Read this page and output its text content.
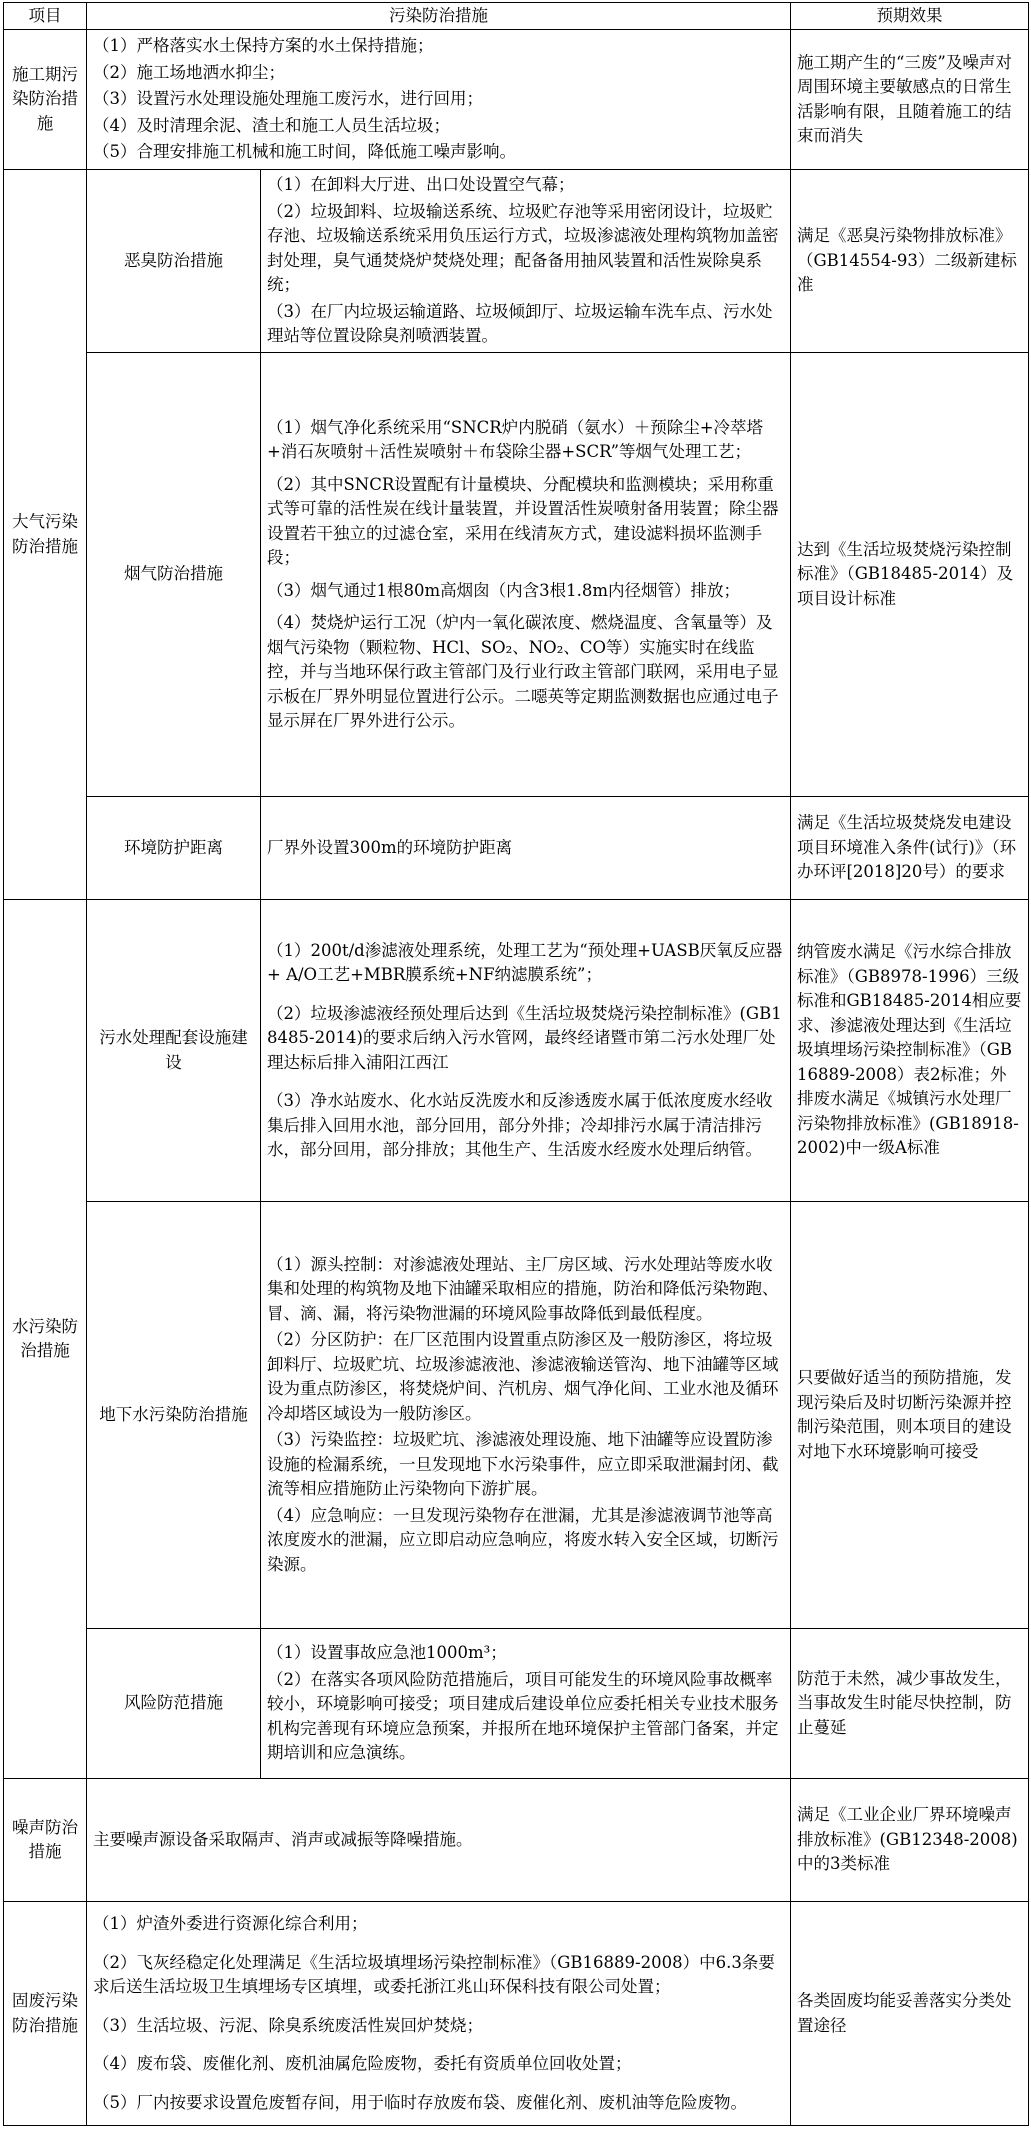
项目	污染防治措施		预期效果
施工期污染防治措施	（1）严格落实水土保持方案的水土保持措施；

（2）施工场地洒水抑尘；

（3）设置污水处理设施处理施工废污水，进行回用；

（4）及时清理余泥、渣土和施工人员生活垃圾；

（5）合理安排施工机械和施工时间，降低施工噪声影响。		施工期产生的“三废”及噪声对周围环境主要敏感点的日常生活影响有限，且随着施工的结束而消失
大气污染防治措施	恶臭防治措施	（1）在卸料大厅进、出口处设置空气幕；

（2）垃圾卸料、垃圾输送系统、垃圾贮存池等采用密闭设计，垃圾贮存池、垃圾输送系统采用负压运行方式，垃圾渗滤液处理构筑物加盖密封处理，臭气通焚烧炉焚烧处理；配备备用抽风装置和活性炭除臭系统；

（3）在厂内垃圾运输道路、垃圾倾卸厅、垃圾运输车洗车点、污水处理站等位置设除臭剂喷洒装置。	满足《恶臭污染物排放标准》（GB14554-93）二级新建标准
	烟气防治措施	（1）烟气净化系统采用“SNCR炉内脱硝（氨水）＋预除尘+冷萃塔+消石灰喷射＋活性炭喷射＋布袋除尘器+SCR”等烟气处理工艺；

（2）其中SNCR设置配有计量模块、分配模块和监测模块；采用称重式等可靠的活性炭在线计量装置，并设置活性炭喷射备用装置；除尘器设置若干独立的过滤仓室，采用在线清灰方式，建设滤料损坏监测手段；

（3）烟气通过1根80m高烟囱（内含3根1.8m内径烟管）排放；

（4）焚烧炉运行工况（炉内一氧化碳浓度、燃烧温度、含氧量等）及烟气污染物（颗粒物、HCl、SO₂、NO₂、CO等）实施实时在线监控，并与当地环保行政主管部门及行业行政主管部门联网，采用电子显示板在厂界外明显位置进行公示。二噁英等定期监测数据也应通过电子显示屏在厂界外进行公示。	达到《生活垃圾焚烧污染控制标准》（GB18485-2014）及项目设计标准
	环境防护距离	厂界外设置300m的环境防护距离	满足《生活垃圾焚烧发电建设项目环境准入条件(试行)》（环办环评[2018]20号）的要求
水污染防治措施	污水处理配套设施建设	（1）200t/d渗滤液处理系统，处理工艺为“预处理+UASB厌氧反应器+ A/O工艺+MBR膜系统+NF纳滤膜系统”；

（2）垃圾渗滤液经预处理后达到《生活垃圾焚烧污染控制标准》(GB18485-2014)的要求后纳入污水管网，最终经诸暨市第二污水处理厂处理达标后排入浦阳江西江

（3）净水站废水、化水站反洗废水和反渗透废水属于低浓度废水经收集后排入回用水池，部分回用，部分外排；冷却排污水属于清洁排污水，部分回用，部分排放；其他生产、生活废水经废水处理后纳管。	纳管废水满足《污水综合排放标准》（GB8978-1996）三级标准和GB18485-2014相应要求、渗滤液处理达到《生活垃圾填埋场污染控制标准》（GB16889-2008）表2标准；外排废水满足《城镇污水处理厂污染物排放标准》(GB18918-2002)中一级A标准
	地下水污染防治措施	（1）源头控制：对渗滤液处理站、主厂房区域、污水处理站等废水收集和处理的构筑物及地下油罐采取相应的措施，防治和降低污染物跑、冒、滴、漏，将污染物泄漏的环境风险事故降低到最低程度。

（2）分区防护：在厂区范围内设置重点防渗区及一般防渗区，将垃圾卸料厅、垃圾贮坑、垃圾渗滤液池、渗滤液输送管沟、地下油罐等区域设为重点防渗区，将焚烧炉间、汽机房、烟气净化间、工业水池及循环冷却塔区域设为一般防渗区。

（3）污染监控：垃圾贮坑、渗滤液处理设施、地下油罐等应设置防渗设施的检漏系统，一旦发现地下水污染事件，应立即采取泄漏封闭、截流等相应措施防止污染物向下游扩展。

（4）应急响应：一旦发现污染物存在泄漏，尤其是渗滤液调节池等高浓度废水的泄漏，应立即启动应急响应，将废水转入安全区域，切断污染源。	只要做好适当的预防措施，发现污染后及时切断污染源并控制污染范围，则本项目的建设对地下水环境影响可接受
	风险防范措施	（1）设置事故应急池1000m³；

（2）在落实各项风险防范措施后，项目可能发生的环境风险事故概率较小，环境影响可接受；项目建成后建设单位应委托相关专业技术服务机构完善现有环境应急预案，并报所在地环境保护主管部门备案，并定期培训和应急演练。	防范于未然，减少事故发生，当事故发生时能尽快控制，防止蔓延
噪声防治措施	主要噪声源设备采取隔声、消声或减振等降噪措施。		满足《工业企业厂界环境噪声排放标准》(GB12348-2008)中的3类标准
固废污染防治措施	（1）炉渣外委进行资源化综合利用；

（2）飞灰经稳定化处理满足《生活垃圾填埋场污染控制标准》（GB16889-2008）中6.3条要求后送生活垃圾卫生填埋场专区填埋，或委托浙江兆山环保科技有限公司处置；

（3）生活垃圾、污泥、除臭系统废活性炭回炉焚烧；

（4）废布袋、废催化剂、废机油属危险废物，委托有资质单位回收处置；

（5）厂内按要求设置危废暂存间，用于临时存放废布袋、废催化剂、废机油等危险废物。		各类固废均能妥善落实分类处置途径
